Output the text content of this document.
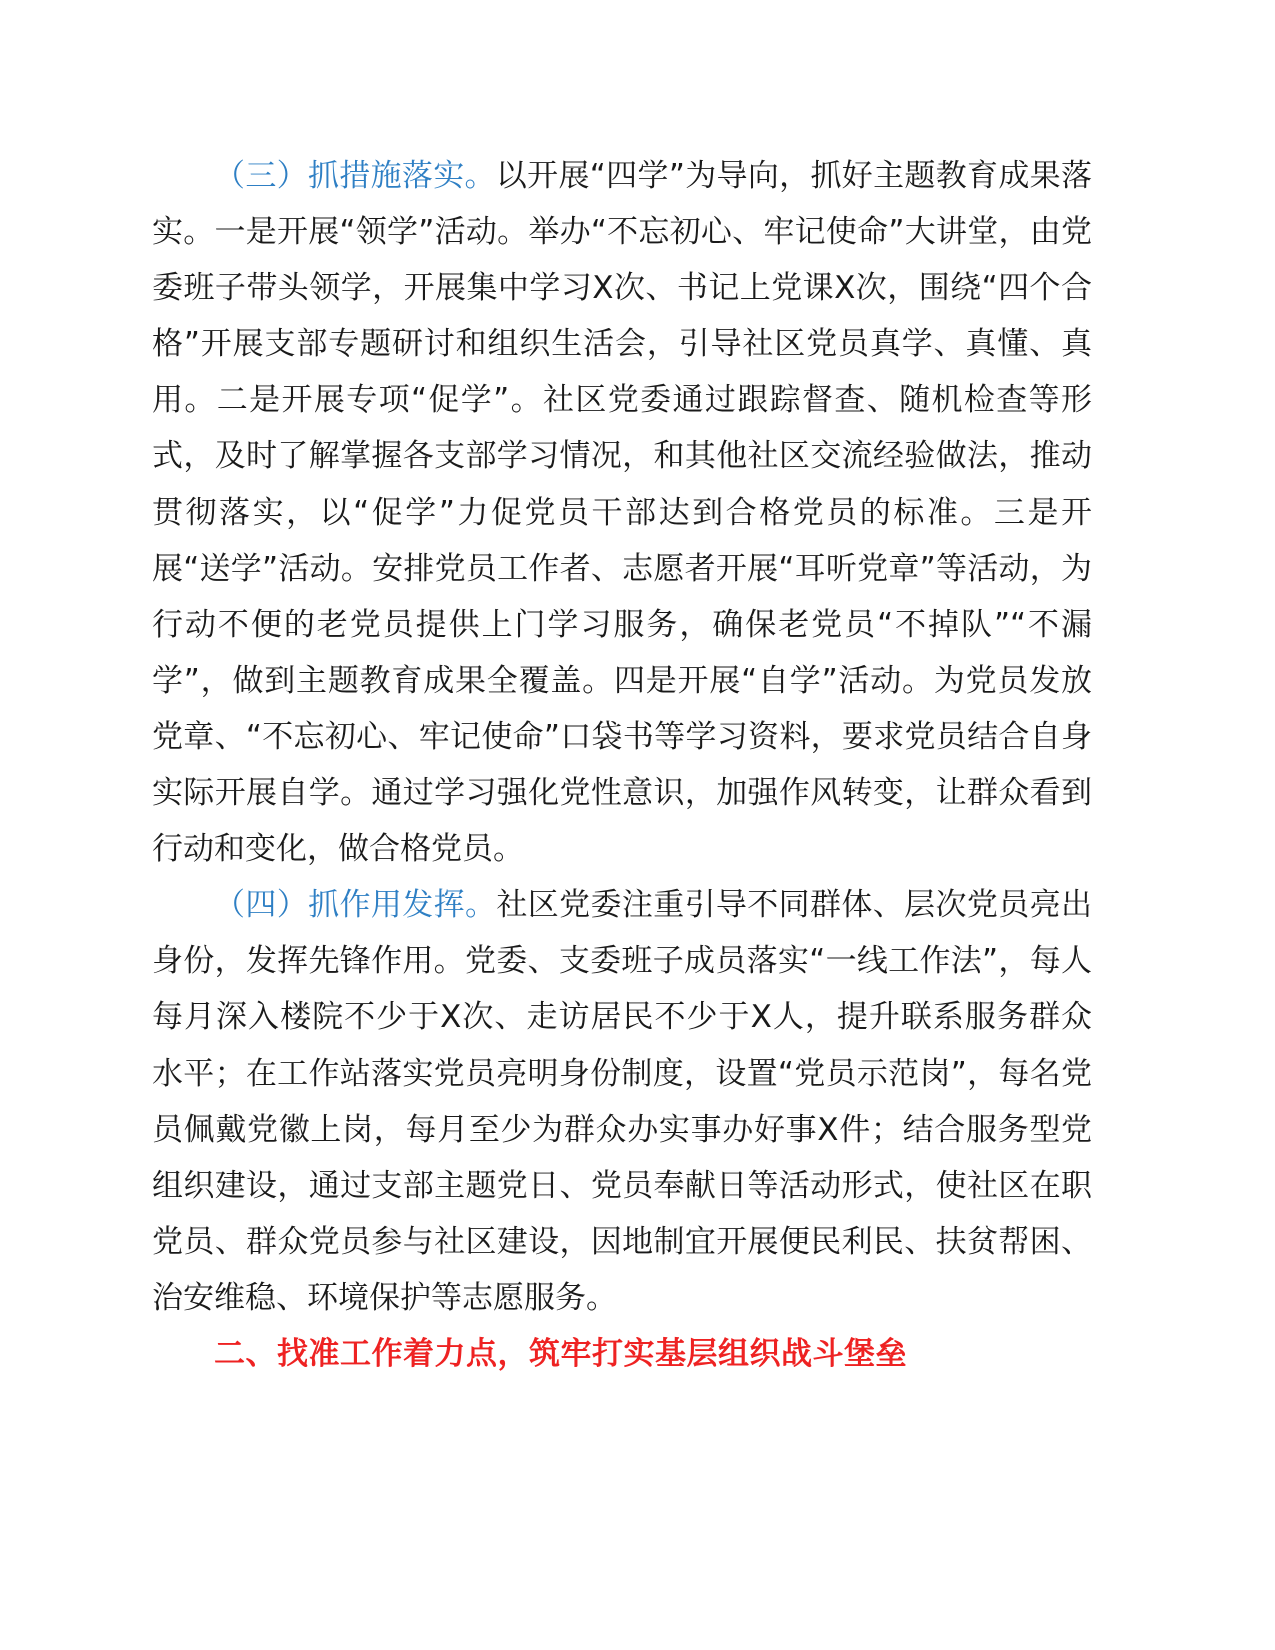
（三）抓措施落实。以开展“四学”为导向，抓好主题教育成果落实。一是开展“领学”活动。举办“不忘初心、牢记使命”大讲堂，由党委班子带头领学，开展集中学习X次、书记上党课X次，围绕“四个合格”开展支部专题研讨和组织生活会，引导社区党员真学、真懂、真用。二是开展专项“促学”。社区党委通过跟踪督查、随机检查等形式，及时了解掌握各支部学习情况，和其他社区交流经验做法，推动贯彻落实，以“促学”力促党员干部达到合格党员的标准。三是开展“送学”活动。安排党员工作者、志愿者开展“耳听党章”等活动，为行动不便的老党员提供上门学习服务，确保老党员“不掉队”“不漏学”，做到主题教育成果全覆盖。四是开展“自学”活动。为党员发放党章、“不忘初心、牢记使命”口袋书等学习资料，要求党员结合自身实际开展自学。通过学习强化党性意识，加强作风转变，让群众看到行动和变化，做合格党员。

（四）抓作用发挥。社区党委注重引导不同群体、层次党员亮出身份，发挥先锋作用。党委、支委班子成员落实“一线工作法”，每人每月深入楼院不少于X次、走访居民不少于X人，提升联系服务群众水平；在工作站落实党员亮明身份制度，设置“党员示范岗”，每名党员佩戴党徽上岗，每月至少为群众办实事办好事X件；结合服务型党组织建设，通过支部主题党日、党员奉献日等活动形式，使社区在职党员、群众党员参与社区建设，因地制宜开展便民利民、扶贫帮困、治安维稳、环境保护等志愿服务。

二、找准工作着力点，筑牢打实基层组织战斗堡垒
